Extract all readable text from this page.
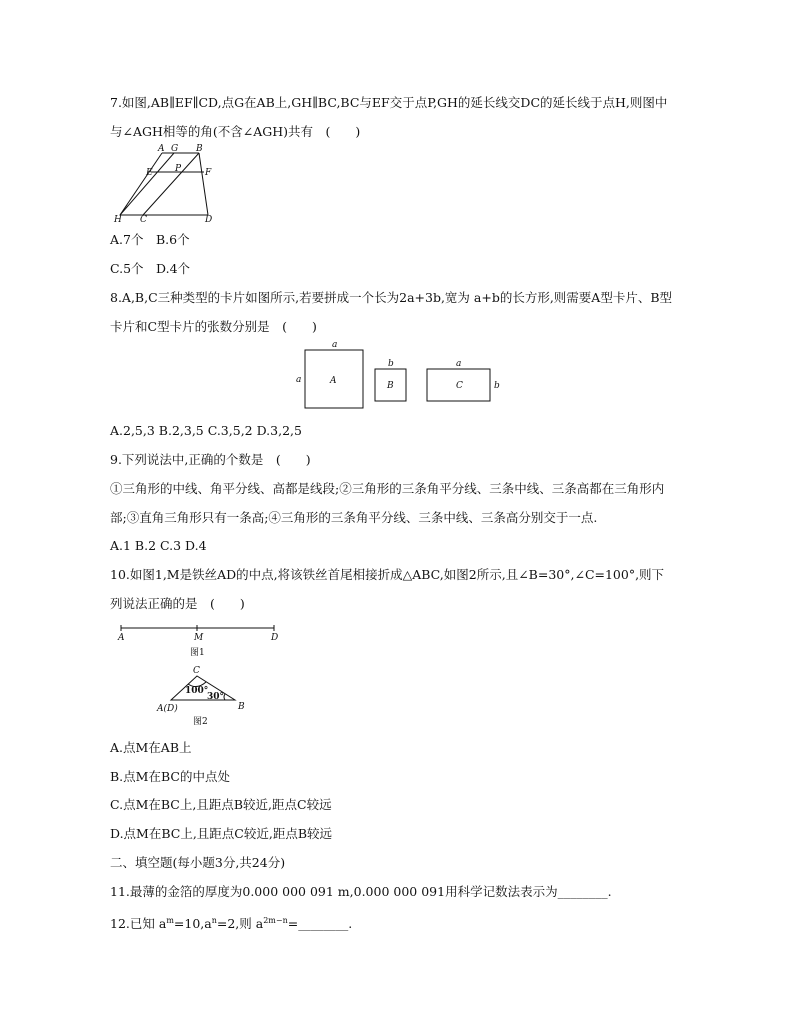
7.如图,AB∥EF∥CD,点G在AB上,GH∥BC,BC与EF交于点P,GH的延长线交DC的延长线于点H,则图中
与∠AGH相等的角(不含∠AGH)共有　(　　)
A G B
E P	F
H C	D
A.7个　B.6个
C.5个　D.4个
8.A,B,C三种类型的卡片如图所示,若要拼成一个长为2a+3b,宽为 a+b的长方形,则需要A型卡片、B型
卡片和C型卡片的张数分别是　(　　)
a
a	A
b
B
a
C	b
A.2,5,3 B.2,3,5 C.3,5,2 D.3,2,5
9.下列说法中,正确的个数是　(　　)
①三角形的中线、角平分线、高都是线段;②三角形的三条角平分线、三条中线、三条高都在三角形内
部;③直角三角形只有一条高;④三角形的三条角平分线、三条中线、三条高分别交于一点.
A.1 B.2 C.3 D.4
10.如图1,M是铁丝AD的中点,将该铁丝首尾相接折成△ABC,如图2所示,且∠B=30°,∠C=100°,则下
列说法正确的是　(　　)
A	M	D
图1
C
A(D)	B
100°
30°
图2
A.点M在AB上
B.点M在BC的中点处
C.点M在BC上,且距点B较近,距点C较远
D.点M在BC上,且距点C较近,距点B较远
二、填空题(每小题3分,共24分)
11.最薄的金箔的厚度为0.000 000 091 m,0.000 000 091用科学记数法表示为________.
12.已知 $a^m=10,a^n=2$,则 $a^{2m-n}=\_\_\_\_\_\_\_\_$.
